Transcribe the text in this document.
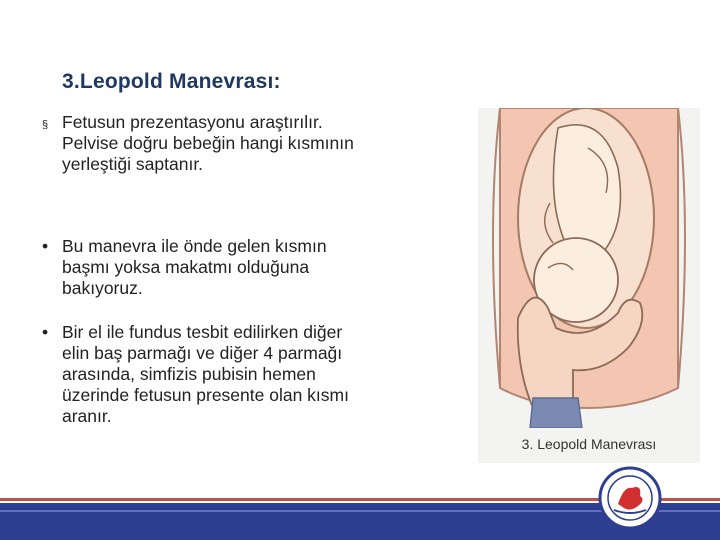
3.Leopold Manevrası:
§ Fetusun prezentasyonu araştırılır.
Pelvise doğru bebeğin hangi kısmının
yerleştiği saptanır.
• Bu manevra ile önde gelen kısmın
başmı yoksa makatmı olduğuna
bakıyoruz.
• Bir el ile fundus tesbit edilirken diğer
elin baş parmağı ve diğer 4 parmağı
arasında, simfizis pubisin hemen
üzerinde fetusun presente olan kısmı
aranır.
3. Leopold Manevrası
